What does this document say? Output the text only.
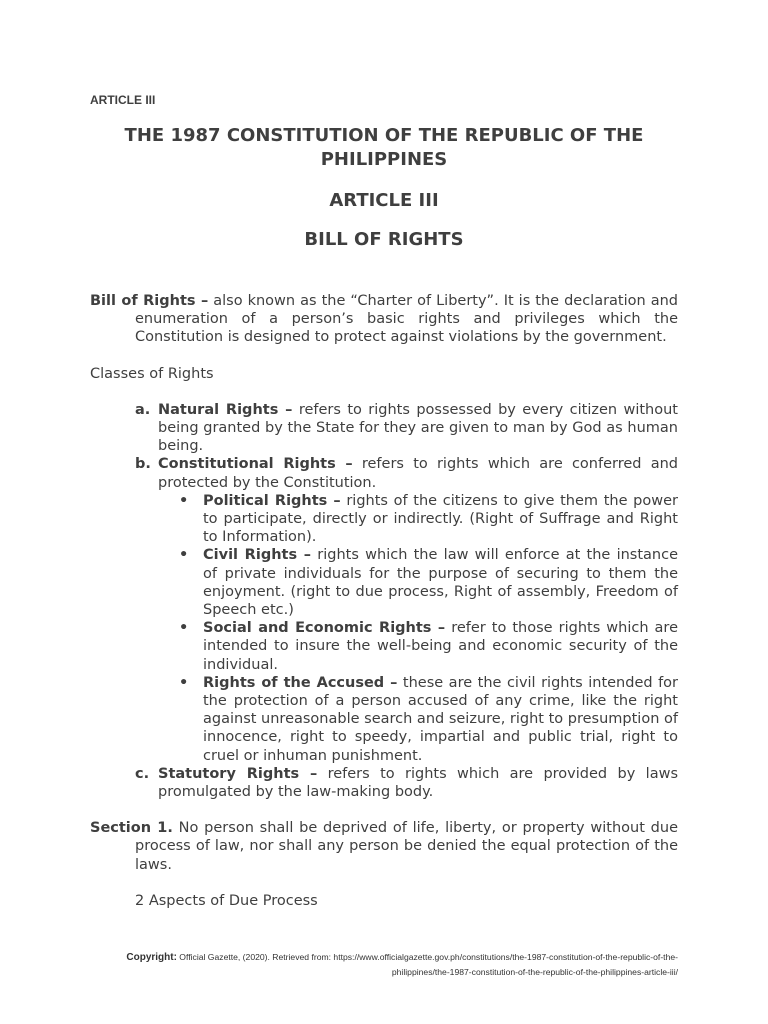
ARTICLE III

THE 1987 CONSTITUTION OF THE REPUBLIC OF THE PHILIPPINES

ARTICLE III

BILL OF RIGHTS

Bill of Rights – also known as the “Charter of Liberty”. It is the declaration and enumeration of a person’s basic rights and privileges which the Constitution is designed to protect against violations by the government.

Classes of Rights

a. Natural Rights – refers to rights possessed by every citizen without being granted by the State for they are given to man by God as human being.
b. Constitutional Rights – refers to rights which are conferred and protected by the Constitution.
• Political Rights – rights of the citizens to give them the power to participate, directly or indirectly. (Right of Suffrage and Right to Information).
• Civil Rights – rights which the law will enforce at the instance of private individuals for the purpose of securing to them the enjoyment. (right to due process, Right of assembly, Freedom of Speech etc.)
• Social and Economic Rights – refer to those rights which are intended to insure the well-being and economic security of the individual.
• Rights of the Accused – these are the civil rights intended for the protection of a person accused of any crime, like the right against unreasonable search and seizure, right to presumption of innocence, right to speedy, impartial and public trial, right to cruel or inhuman punishment.
c. Statutory Rights – refers to rights which are provided by laws promulgated by the law-making body.

Section 1. No person shall be deprived of life, liberty, or property without due process of law, nor shall any person be denied the equal protection of the laws.

2 Aspects of Due Process

Copyright: Official Gazette, (2020). Retrieved from: https://www.officialgazette.gov.ph/constitutions/the-1987-constitution-of-the-republic-of-the-philippines/the-1987-constitution-of-the-republic-of-the-philippines-article-iii/
